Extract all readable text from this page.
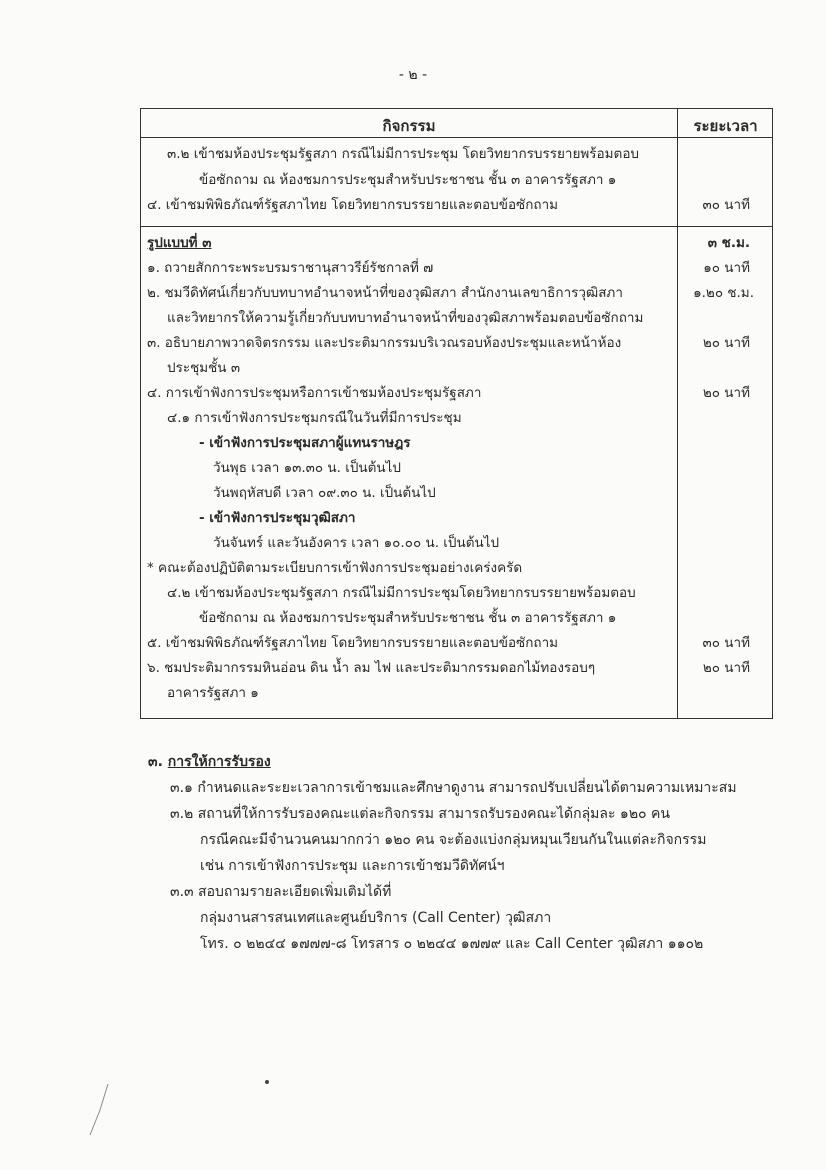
- ๒ -
กิจกรรม	ระยะเวลา
๓.๒ เข้าชมห้องประชุมรัฐสภา กรณีไม่มีการประชุม โดยวิทยากรบรรยายพร้อมตอบ
ข้อซักถาม ณ ห้องชมการประชุมสำหรับประชาชน ชั้น ๓ อาคารรัฐสภา ๑
๔. เข้าชมพิพิธภัณฑ์รัฐสภาไทย โดยวิทยากรบรรยายและตอบข้อซักถาม	๓๐ นาที
รูปแบบที่ ๓	๓ ช.ม.
๑. ถวายสักการะพระบรมราชานุสาวรีย์รัชกาลที่ ๗	๑๐ นาที
๒. ชมวีดิทัศน์เกี่ยวกับบทบาทอำนาจหน้าที่ของวุฒิสภา สำนักงานเลขาธิการวุฒิสภา	๑.๒๐ ช.ม.
และวิทยากรให้ความรู้เกี่ยวกับบทบาทอำนาจหน้าที่ของวุฒิสภาพร้อมตอบข้อซักถาม
๓. อธิบายภาพวาดจิตรกรรม และประติมากรรมบริเวณรอบห้องประชุมและหน้าห้อง	๒๐ นาที
ประชุมชั้น ๓
๔. การเข้าฟังการประชุมหรือการเข้าชมห้องประชุมรัฐสภา	๒๐ นาที
๔.๑ การเข้าฟังการประชุมกรณีในวันที่มีการประชุม
- เข้าฟังการประชุมสภาผู้แทนราษฎร
วันพุธ เวลา ๑๓.๓๐ น. เป็นต้นไป
วันพฤหัสบดี เวลา ๐๙.๓๐ น. เป็นต้นไป
- เข้าฟังการประชุมวุฒิสภา
วันจันทร์ และวันอังคาร เวลา ๑๐.๐๐ น. เป็นต้นไป
* คณะต้องปฏิบัติตามระเบียบการเข้าฟังการประชุมอย่างเคร่งครัด
๔.๒ เข้าชมห้องประชุมรัฐสภา กรณีไม่มีการประชุมโดยวิทยากรบรรยายพร้อมตอบ
ข้อซักถาม ณ ห้องชมการประชุมสำหรับประชาชน ชั้น ๓ อาคารรัฐสภา ๑
๕. เข้าชมพิพิธภัณฑ์รัฐสภาไทย โดยวิทยากรบรรยายและตอบข้อซักถาม	๓๐ นาที
๖. ชมประติมากรรมหินอ่อน ดิน น้ำ ลม ไฟ และประติมากรรมดอกไม้ทองรอบๆ	๒๐ นาที
อาคารรัฐสภา ๑
๓. การให้การรับรอง
๓.๑ กำหนดและระยะเวลาการเข้าชมและศึกษาดูงาน สามารถปรับเปลี่ยนได้ตามความเหมาะสม
๓.๒ สถานที่ให้การรับรองคณะแต่ละกิจกรรม สามารถรับรองคณะได้กลุ่มละ ๑๒๐ คน
กรณีคณะมีจำนวนคนมากกว่า ๑๒๐ คน จะต้องแบ่งกลุ่มหมุนเวียนกันในแต่ละกิจกรรม
เช่น การเข้าฟังการประชุม และการเข้าชมวีดิทัศน์ฯ
๓.๓ สอบถามรายละเอียดเพิ่มเติมได้ที่
กลุ่มงานสารสนเทศและศูนย์บริการ (Call Center) วุฒิสภา
โทร. ๐ ๒๒๔๔ ๑๗๗๗-๘ โทรสาร ๐ ๒๒๔๔ ๑๗๗๙ และ Call Center วุฒิสภา ๑๑๐๒
